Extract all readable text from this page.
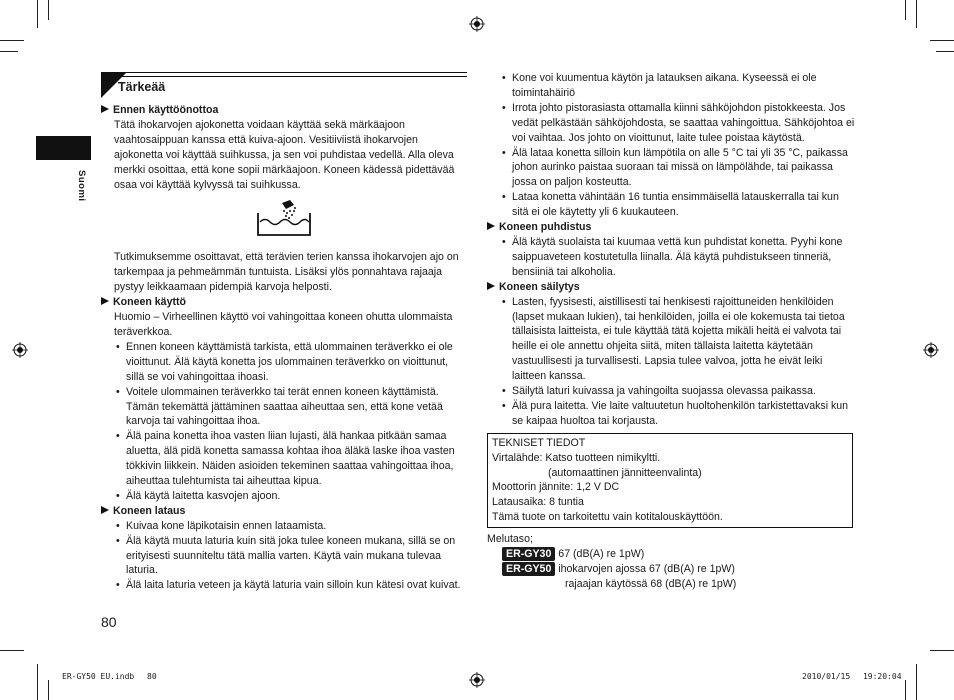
Suomi
Tärkeää
Ennen käyttöönottoa

Tätä ihokarvojen ajokonetta voidaan käyttää sekä märkäajoon vaahtosaippuan kanssa että kuiva-ajoon. Vesitiiviistä ihokarvojen ajokonetta voi käyttää suihkussa, ja sen voi puhdistaa vedellä. Alla oleva merkki osoittaa, että kone sopii märkäajoon. Koneen kädessä pidettävää osaa voi käyttää kylvyssä tai suihkussa.

Tutkimuksemme osoittavat, että terävien terien kanssa ihokarvojen ajo on tarkempaa ja pehmeämmän tuntuista. Lisäksi ylös ponnahtava rajaaja pystyy leikkaamaan pidempiä karvoja helposti.

Koneen käyttö

Huomio – Virheellinen käyttö voi vahingoittaa koneen ohutta ulommaista teräverkkoa.

• Ennen koneen käyttämistä tarkista, että ulommainen teräverkko ei ole vioittunut. Älä käytä konetta jos ulommainen teräverkko on vioittunut, sillä se voi vahingoittaa ihoasi.
• Voitele ulommainen teräverkko tai terät ennen koneen käyttämistä. Tämän tekemättä jättäminen saattaa aiheuttaa sen, että kone vetää karvoja tai vahingoittaa ihoa.
• Älä paina konetta ihoa vasten liian lujasti, älä hankaa pitkään samaa aluetta, älä pidä konetta samassa kohtaa ihoa äläkä laske ihoa vasten tökkivin liikkein. Näiden asioiden tekeminen saattaa vahingoittaa ihoa, aiheuttaa tulehtumista tai aiheuttaa kipua.
• Älä käytä laitetta kasvojen ajoon.
Koneen lataus
• Kuivaa kone läpikotaisin ennen lataamista.
• Älä käytä muuta laturia kuin sitä joka tulee koneen mukana, sillä se on erityisesti suunniteltu tätä mallia varten. Käytä vain mukana tulevaa laturia.
• Älä laita laturia veteen ja käytä laturia vain silloin kun kätesi ovat kuivat.
• Kone voi kuumentua käytön ja latauksen aikana. Kyseessä ei ole toimintahäiriö
• Irrota johto pistorasiasta ottamalla kiinni sähköjohdon pistokkeesta. Jos vedät pelkästään sähköjohdosta, se saattaa vahingoittua. Sähköjohtoa ei voi vaihtaa. Jos johto on vioittunut, laite tulee poistaa käytöstä.
• Älä lataa konetta silloin kun lämpötila on alle 5 °C tai yli 35 °C, paikassa johon aurinko paistaa suoraan tai missä on lämpölähde, tai paikassa jossa on paljon kosteutta.
• Lataa konetta vähintään 16 tuntia ensimmäisellä latauskerralla tai kun sitä ei ole käytetty yli 6 kuukauteen.
Koneen puhdistus
• Älä käytä suolaista tai kuumaa vettä kun puhdistat konetta. Pyyhi kone saippuaveteen kostutetulla liinalla. Älä käytä puhdistukseen tinneriä, bensiiniä tai alkoholia.
Koneen säilytys
• Lasten, fyysisesti, aistillisesti tai henkisesti rajoittuneiden henkilöiden (lapset mukaan lukien), tai henkilöiden, joilla ei ole kokemusta tai tietoa tällaisista laitteista, ei tule käyttää tätä kojetta mikäli heitä ei valvota tai heille ei ole annettu ohjeita siitä, miten tällaista laitetta käytetään vastuullisesti ja turvallisesti. Lapsia tulee valvoa, jotta he eivät leiki laitteen kanssa.
• Säilytä laturi kuivassa ja vahingoilta suojassa olevassa paikassa.
• Älä pura laitetta. Vie laite valtuutetun huoltohenkilön tarkistettavaksi kun se kaipaa huoltoa tai korjausta.
TEKNISET TIEDOT
Virtalähde: Katso tuotteen nimikyltti.
(automaattinen jännitteenvalinta)
Moottorin jännite: 1,2 V DC
Latausaika: 8 tuntia
Tämä tuote on tarkoitettu vain kotitalouskäyttöön.
Melutaso;
ER-GY30 67 (dB(A) re 1pW)
ER-GY50 ihokarvojen ajossa 67 (dB(A) re 1pW)
rajaajan käytössä 68 (dB(A) re 1pW)
80
ER-GY50 EU.indb　 80	2010/01/15 　19:20:04
